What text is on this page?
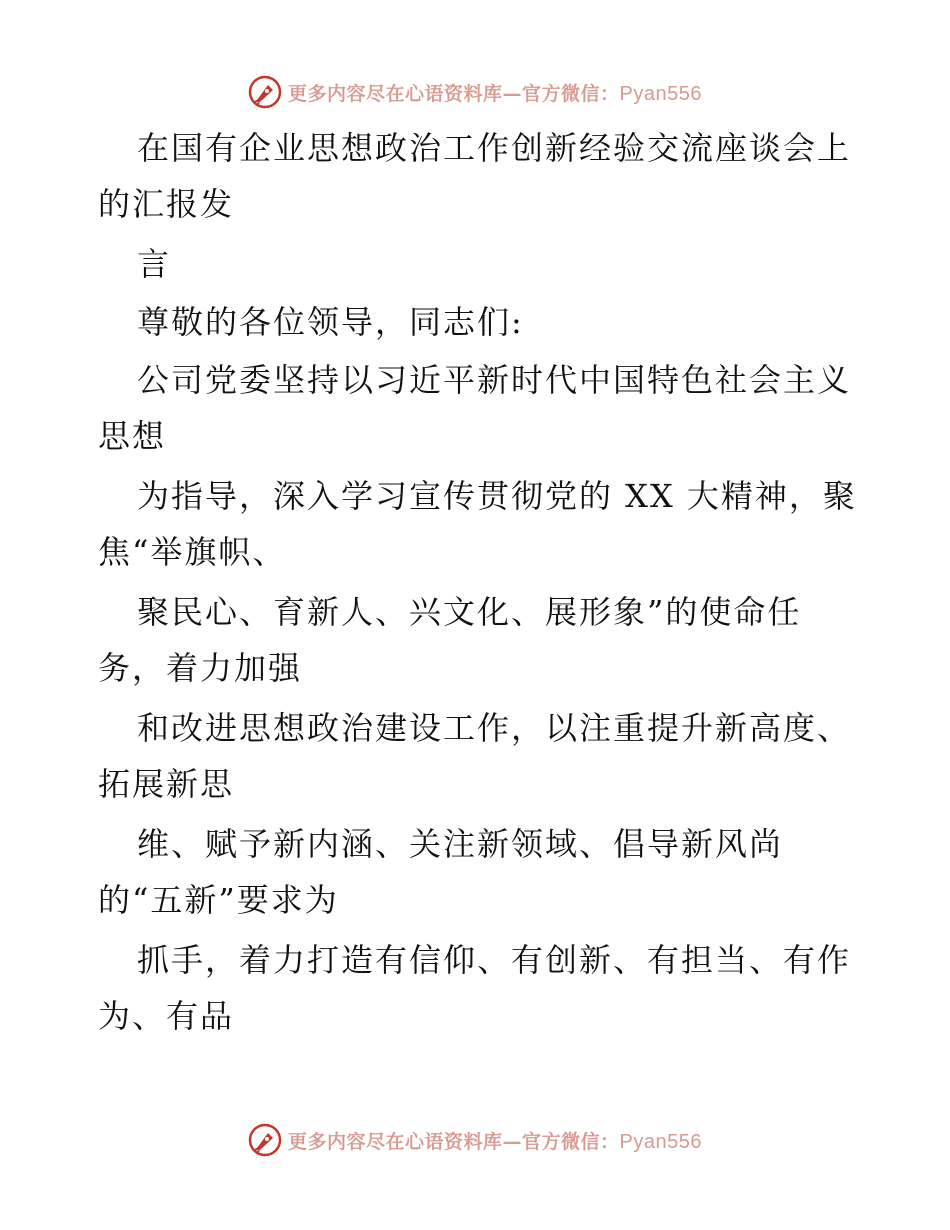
更多内容尽在心语资料库—官方微信：Pyan556
在国有企业思想政治工作创新经验交流座谈会上
的汇报发
言
尊敬的各位领导，同志们:
公司党委坚持以习近平新时代中国特色社会主义
思想
为指导，深入学习宣传贯彻党的 XX 大精神，聚
焦“举旗帜、
聚民心、育新人、兴文化、展形象”的使命任
务，着力加强
和改进思想政治建设工作，以注重提升新高度、
拓展新思
维、赋予新内涵、关注新领域、倡导新风尚
的“五新”要求为
抓手，着力打造有信仰、有创新、有担当、有作
为、有品
更多内容尽在心语资料库—官方微信：Pyan556
